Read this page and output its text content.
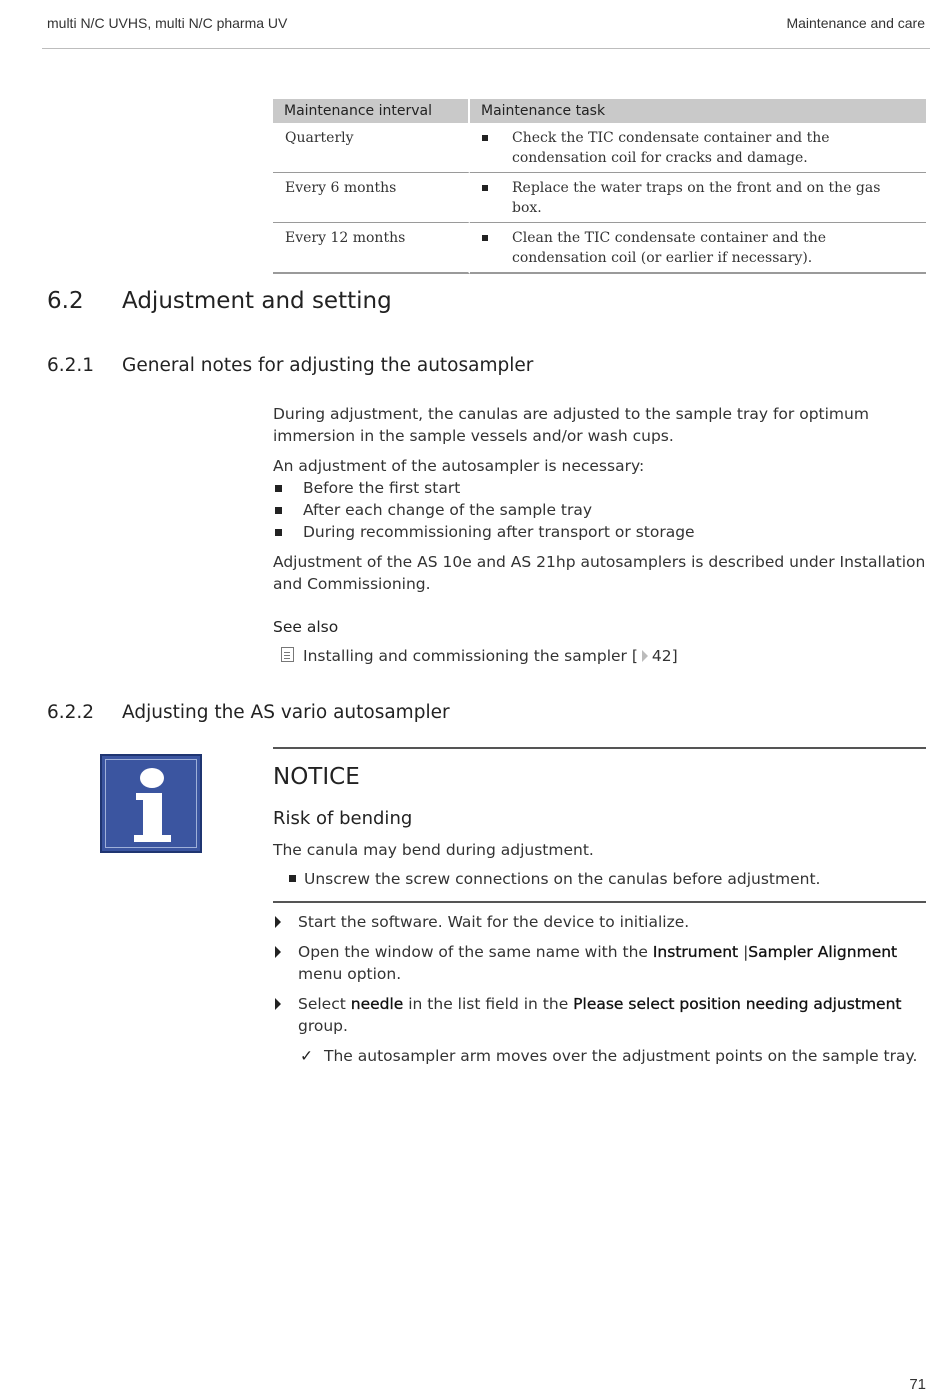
multi N/C UVHS, multi N/C pharma UV	Maintenance and care
Maintenance interval	Maintenance task
Quarterly	Check the TIC condensate container and the condensation coil for cracks and damage.

Every 6 months	Replace the water traps on the front and on the gas box.

Every 12 months	Clean the TIC condensate container and the condensation coil (or earlier if necessary).
6.2 Adjustment and setting
6.2.1 General notes for adjusting the autosampler

During adjustment, the canulas are adjusted to the sample tray for optimum immersion in the sample vessels and/or wash cups.

An adjustment of the autosampler is necessary:

Before the first start
After each change of the sample tray
During recommissioning after transport or storage

Adjustment of the AS 10e and AS 21hp autosamplers is described under Installation and Commissioning.

See also
Installing and commissioning the sampler [ 42]
6.2.2 Adjusting the AS vario autosampler
NOTICE
Risk of bending
The canula may bend during adjustment.
Unscrew the screw connections on the canulas before adjustment.
Start the software. Wait for the device to initialize.
Open the window of the same name with the Instrument |Sampler Alignment menu option.
Select needle in the list field in the Please select position needing adjustment group.
✓ The autosampler arm moves over the adjustment points on the sample tray.
71
